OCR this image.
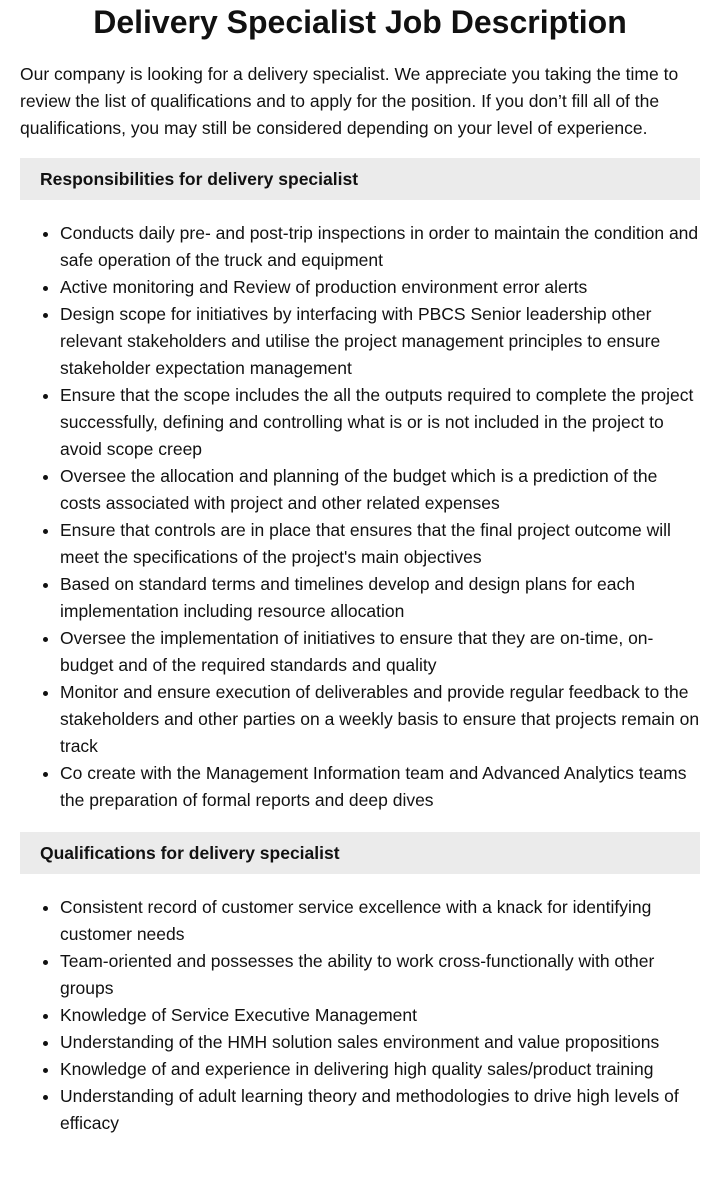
Delivery Specialist Job Description

Our company is looking for a delivery specialist. We appreciate you taking the time to review the list of qualifications and to apply for the position. If you don’t fill all of the qualifications, you may still be considered depending on your level of experience.

Responsibilities for delivery specialist
• Conducts daily pre- and post-trip inspections in order to maintain the condition and safe operation of the truck and equipment
• Active monitoring and Review of production environment error alerts
• Design scope for initiatives by interfacing with PBCS Senior leadership other relevant stakeholders and utilise the project management principles to ensure stakeholder expectation management
• Ensure that the scope includes the all the outputs required to complete the project successfully, defining and controlling what is or is not included in the project to avoid scope creep
• Oversee the allocation and planning of the budget which is a prediction of the costs associated with project and other related expenses
• Ensure that controls are in place that ensures that the final project outcome will meet the specifications of the project's main objectives
• Based on standard terms and timelines develop and design plans for each implementation including resource allocation
• Oversee the implementation of initiatives to ensure that they are on-time, on-budget and of the required standards and quality
• Monitor and ensure execution of deliverables and provide regular feedback to the stakeholders and other parties on a weekly basis to ensure that projects remain on track
• Co create with the Management Information team and Advanced Analytics teams the preparation of formal reports and deep dives
Qualifications for delivery specialist
• Consistent record of customer service excellence with a knack for identifying customer needs
• Team-oriented and possesses the ability to work cross-functionally with other groups
• Knowledge of Service Executive Management
• Understanding of the HMH solution sales environment and value propositions
• Knowledge of and experience in delivering high quality sales/product training
• Understanding of adult learning theory and methodologies to drive high levels of efficacy
